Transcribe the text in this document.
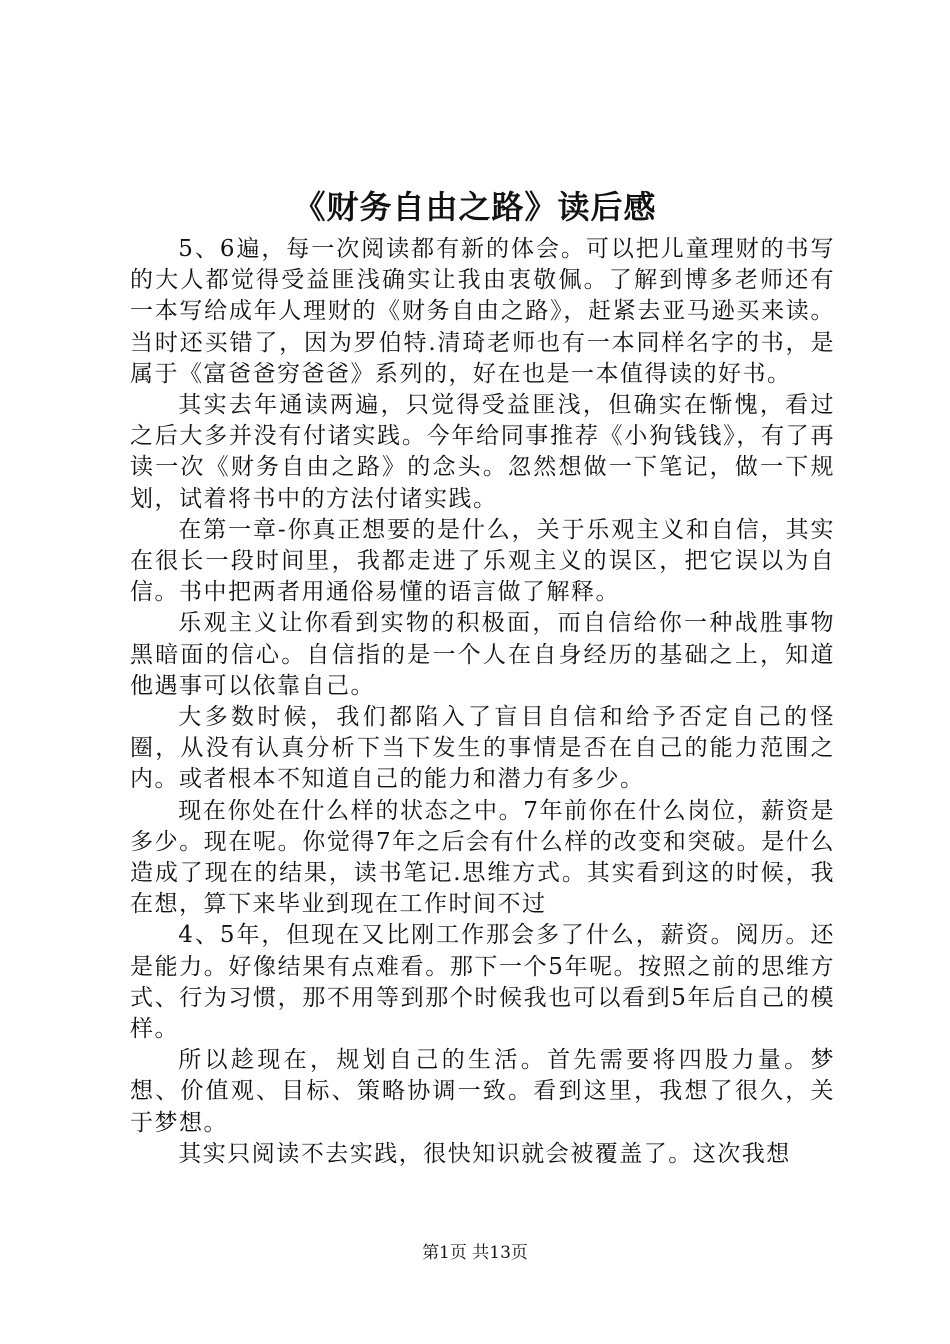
《财务自由之路》读后感

5、6遍，每一次阅读都有新的体会。可以把儿童理财的书写的大人都觉得受益匪浅确实让我由衷敬佩。了解到博多老师还有一本写给成年人理财的《财务自由之路》，赶紧去亚马逊买来读。当时还买错了，因为罗伯特.清琦老师也有一本同样名字的书，是属于《富爸爸穷爸爸》系列的，好在也是一本值得读的好书。

其实去年通读两遍，只觉得受益匪浅，但确实在惭愧，看过之后大多并没有付诸实践。今年给同事推荐《小狗钱钱》，有了再读一次《财务自由之路》的念头。忽然想做一下笔记，做一下规划，试着将书中的方法付诸实践。

在第一章-你真正想要的是什么，关于乐观主义和自信，其实在很长一段时间里，我都走进了乐观主义的误区，把它误以为自信。书中把两者用通俗易懂的语言做了解释。

乐观主义让你看到实物的积极面，而自信给你一种战胜事物黑暗面的信心。自信指的是一个人在自身经历的基础之上，知道他遇事可以依靠自己。

大多数时候，我们都陷入了盲目自信和给予否定自己的怪圈，从没有认真分析下当下发生的事情是否在自己的能力范围之内。或者根本不知道自己的能力和潜力有多少。

现在你处在什么样的状态之中。7年前你在什么岗位，薪资是多少。现在呢。你觉得7年之后会有什么样的改变和突破。是什么造成了现在的结果，读书笔记.思维方式。其实看到这的时候，我在想，算下来毕业到现在工作时间不过

4、5年，但现在又比刚工作那会多了什么，薪资。阅历。还是能力。好像结果有点难看。那下一个5年呢。按照之前的思维方式、行为习惯，那不用等到那个时候我也可以看到5年后自己的模样。

所以趁现在，规划自己的生活。首先需要将四股力量。梦想、价值观、目标、策略协调一致。看到这里，我想了很久，关于梦想。

其实只阅读不去实践，很快知识就会被覆盖了。这次我想

第1页 共13页
